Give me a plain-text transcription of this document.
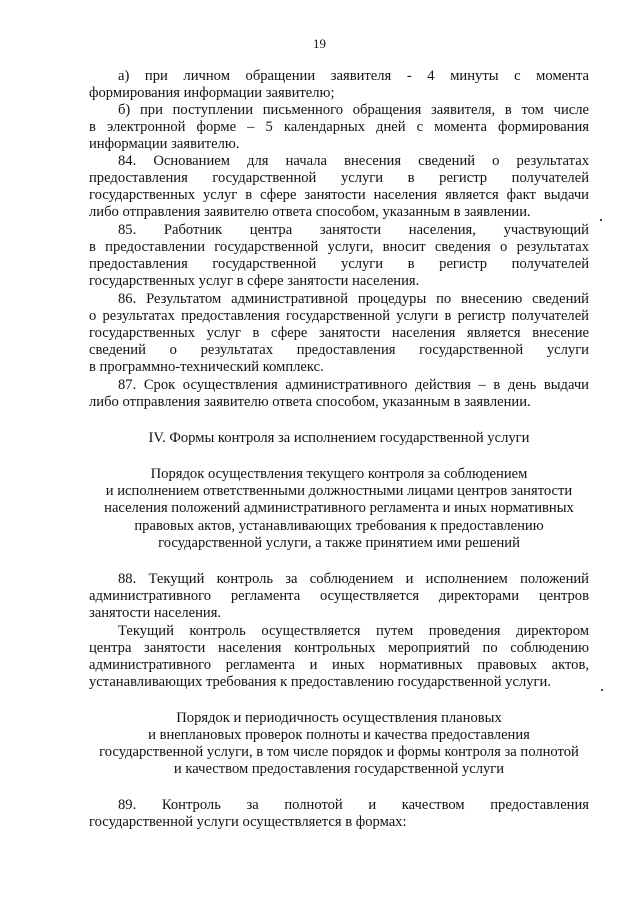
19
а) при личном обращении заявителя - 4 минуты с момента
формирования информации заявителю;
б) при поступлении письменного обращения заявителя, в том числе
в электронной форме – 5 календарных дней с момента формирования
информации заявителю.
84. Основанием для начала внесения сведений о результатах
предоставления государственной услуги в регистр получателей
государственных услуг в сфере занятости населения является факт выдачи
либо отправления заявителю ответа способом, указанным в заявлении.
85. Работник центра занятости населения, участвующий
в предоставлении государственной услуги, вносит сведения о результатах
предоставления государственной услуги в регистр получателей
государственных услуг в сфере занятости населения.
86. Результатом административной процедуры по внесению сведений
о результатах предоставления государственной услуги в регистр получателей
государственных услуг в сфере занятости населения является внесение
сведений о результатах предоставления государственной услуги
в программно-технический комплекс.
87. Срок осуществления административного действия – в день выдачи
либо отправления заявителю ответа способом, указанным в заявлении.
IV. Формы контроля за исполнением государственной услуги
Порядок осуществления текущего контроля за соблюдением
и исполнением ответственными должностными лицами центров занятости
населения положений административного регламента и иных нормативных
правовых актов, устанавливающих требования к предоставлению
государственной услуги, а также принятием ими решений
88. Текущий контроль за соблюдением и исполнением положений
административного регламента осуществляется директорами центров
занятости населения.
Текущий контроль осуществляется путем проведения директором
центра занятости населения контрольных мероприятий по соблюдению
административного регламента и иных нормативных правовых актов,
устанавливающих требования к предоставлению государственной услуги.
Порядок и периодичность осуществления плановых
и внеплановых проверок полноты и качества предоставления
государственной услуги, в том числе порядок и формы контроля за полнотой
и качеством предоставления государственной услуги
89. Контроль за полнотой и качеством предоставления
государственной услуги осуществляется в формах:
